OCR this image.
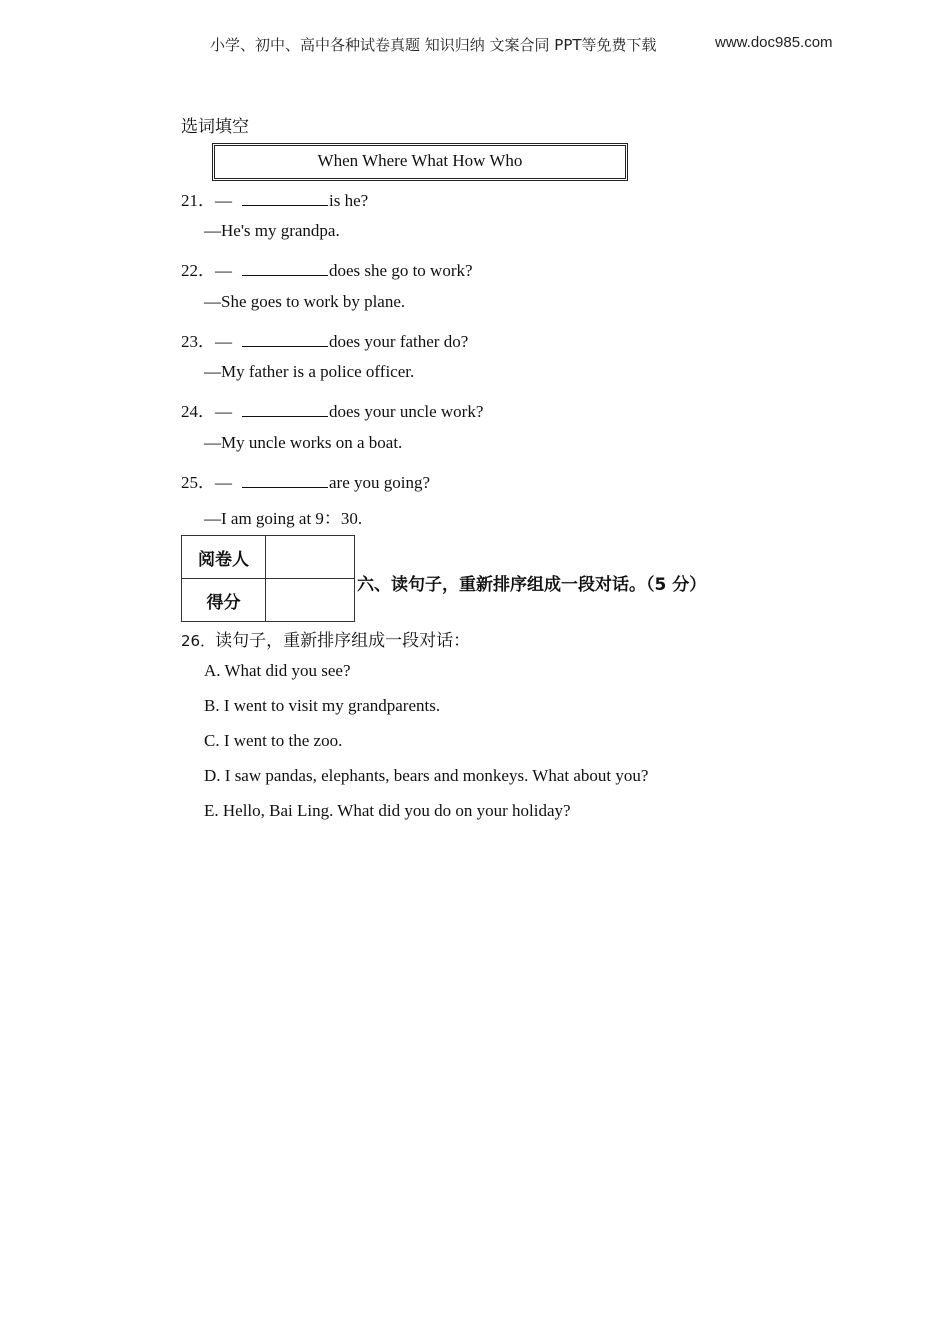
小学、初中、高中各种试卷真题 知识归纳 文案合同 PPT等免费下载	www.doc985.com
选词填空
When Where What How Who
21．—	is he?
—He's my grandpa.
22．—	does she go to work?
—She goes to work by plane.
23．—	does your father do?
—My father is a police officer.
24．—	does your uncle work?
—My uncle works on a boat.
25．—	are you going?
—I am going at 9：30.
阅卷人	
得分	
六、读句子，重新排序组成一段对话。（5 分）
26．读句子，重新排序组成一段对话：
A. What did you see?
B. I went to visit my grandparents.
C. I went to the zoo.
D. I saw pandas, elephants, bears and monkeys. What about you?
E. Hello, Bai Ling. What did you do on your holiday?
